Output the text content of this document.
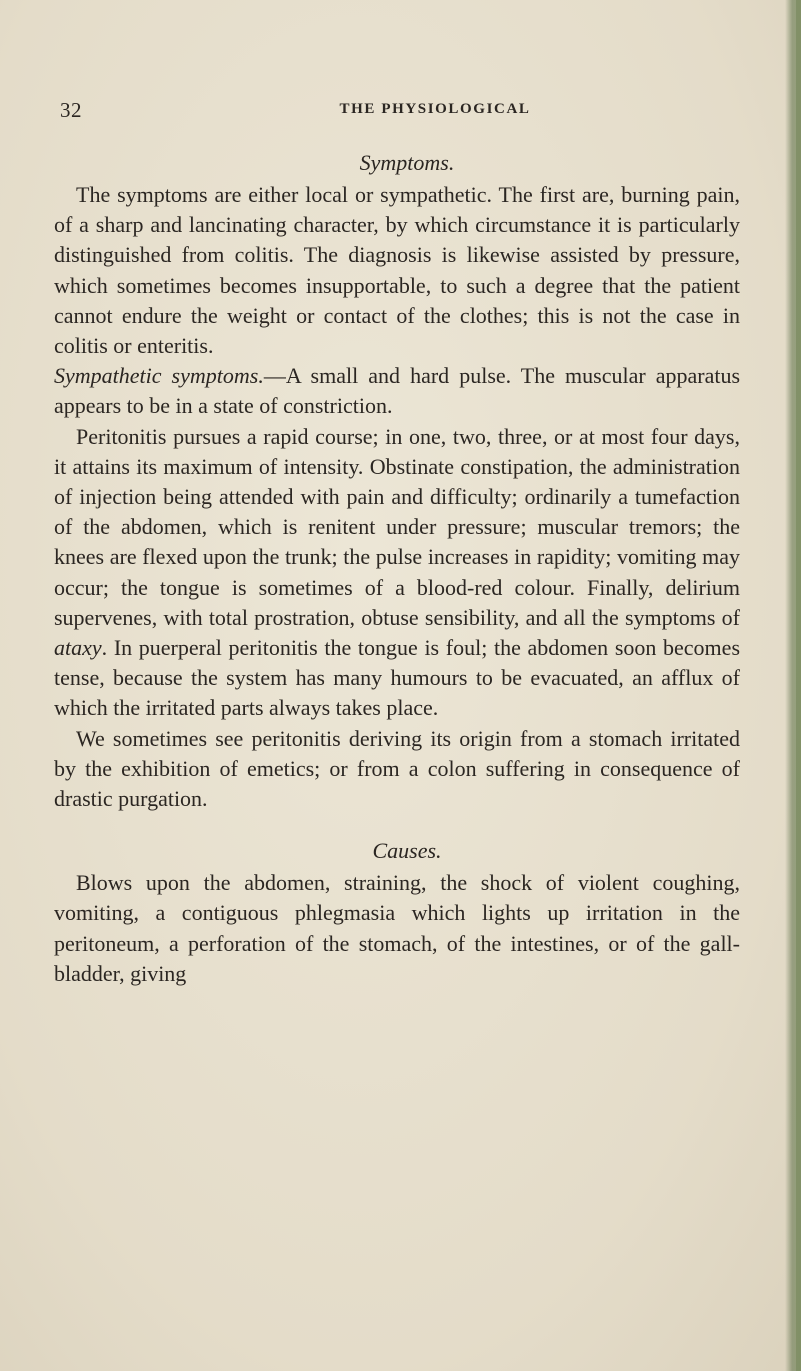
32	THE PHYSIOLOGICAL
Symptoms.

The symptoms are either local or sympathetic. The first are, burning pain, of a sharp and lancinating character, by which circumstance it is particularly distinguished from colitis. The diagnosis is likewise assisted by pressure, which sometimes becomes insupportable, to such a degree that the patient cannot endure the weight or contact of the clothes; this is not the case in colitis or enteritis.

Sympathetic symptoms.—A small and hard pulse. The muscular apparatus appears to be in a state of constriction.

Peritonitis pursues a rapid course; in one, two, three, or at most four days, it attains its maximum of intensity. Obstinate constipation, the administration of injection being attended with pain and difficulty; ordinarily a tumefaction of the abdomen, which is renitent under pressure; muscular tremors; the knees are flexed upon the trunk; the pulse increases in rapidity; vomiting may occur; the tongue is sometimes of a blood-red colour. Finally, delirium supervenes, with total prostration, obtuse sensibility, and all the symptoms of ataxy. In puerperal peritonitis the tongue is foul; the abdomen soon becomes tense, because the system has many humours to be evacuated, an afflux of which the irritated parts always takes place.

We sometimes see peritonitis deriving its origin from a stomach irritated by the exhibition of emetics; or from a colon suffering in consequence of drastic purgation.

Causes.

Blows upon the abdomen, straining, the shock of violent coughing, vomiting, a contiguous phlegmasia which lights up irritation in the peritoneum, a perforation of the stomach, of the intestines, or of the gall-bladder, giving
